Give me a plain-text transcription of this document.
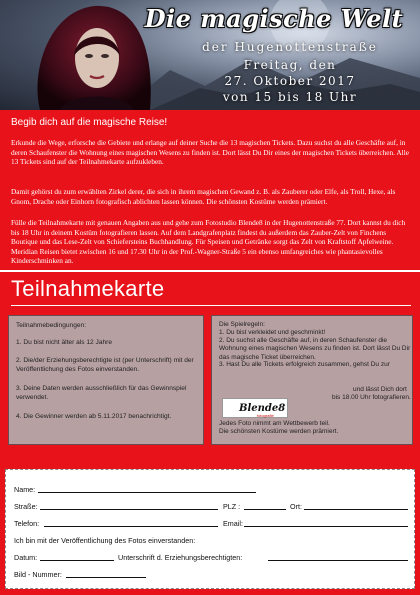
Die magische Welt
der Hugenottenstraße
Freitag, den
27. Oktober 2017
von 15 bis 18 Uhr
Begib dich auf die magische Reise!

Erkunde die Wege, erforsche die Gebiete und erlange auf deiner Suche die 13 magischen Tickets. Dazu suchst du alle Geschäfte auf, in deren Schaufenster die Wohnung eines magischen Wesens zu finden ist. Dort lässt Du Dir eines der magischen Tickets überreichen. Alle 13 Tickets sind auf der Teilnahmekarte aufzukleben.

Damit gehörst du zum erwählten Zirkel derer, die sich in ihrem magischen Gewand z. B. als Zauberer oder Elfe, als Troll, Hexe, als Gnom, Drache oder Einhorn fotografisch ablichten lassen können. Die schönsten Kostüme werden prämiert.

Fülle die Teilnahmekarte mit genauen Angaben aus und gehe zum Fotostudio Blende8 in der Hugenottenstraße 77. Dort kannst du dich bis 18 Uhr in deinem Kostüm fotografieren lassen. Auf dem Landgrafenplatz findest du außerdem das Zauber-Zelt von Finchens Boutique und das Lese-Zelt von Schiefersteins Buchhandlung. Für Speisen und Getränke sorgt das Zelt von Kraftstoff Apfelweine. Meridian Reisen bietet zwischen 16 und 17.30 Uhr in der Prof.-Wagner-Straße 5 ein ebenso umfangreiches wie phantasievolles Kinderschminken an.

Teilnahmekarte
Teilnahmebedingungen:
1. Du bist nicht älter als 12 Jahre
2. Die/der Erziehungsberechtigte ist (per Unterschrift) mit der Veröffentlichung des Fotos einverstanden.
3. Deine Daten werden ausschließlich für das Gewinnspiel verwendet.
4. Die Gewinner werden ab 5.11.2017 benachrichtigt.
Die Spielregeln:
1. Du bist verkleidet und geschminkt!
2. Du suchst alle Geschäfte auf, in deren Schaufenster die Wohnung eines magischen Wesens zu finden ist. Dort lässt Du Dir das magische Ticket überreichen.
3. Hast Du alle Tickets erfolgreich zusammen, gehst Du zur
Blende8
fotografie
und lässt Dich dort
bis 18.00 Uhr fotografieren.
Jedes Foto nimmt am Wettbewerb teil.
Die schönsten Kostüme werden prämiert.
Name:
Straße:	PLZ :	Ort:
Telefon:	Email:
Ich bin mit der Veröffentlichung des Fotos einverstanden:
Datum:	Unterschrift d. Erziehungsberechtigten:
Bild - Nummer:
